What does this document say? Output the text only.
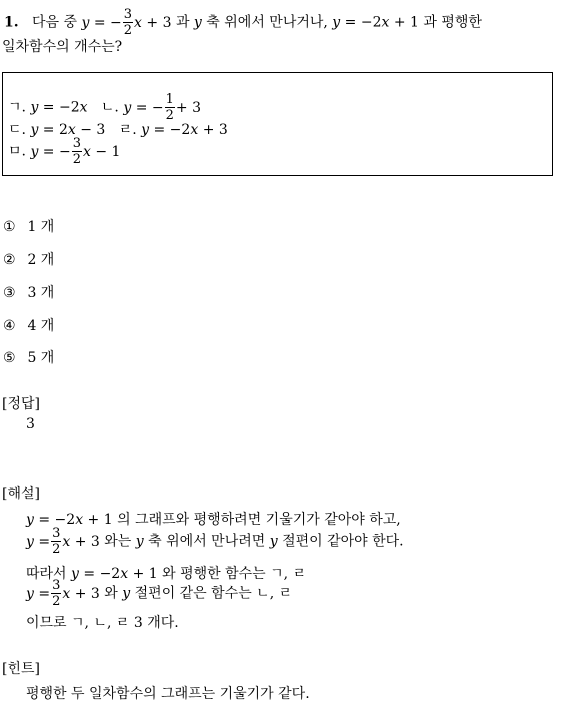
1. 다음 중 y = − $\frac{3}{2}$ x + 3 과 y 축 위에서 만나거나, y = −2x + 1 과 평행한
일차함수의 개수는?
ㄱ. y = −2x ㄴ. y = − $\frac{1}{2} + 3$
ㄷ. y = 2x − 3 ㄹ. y = −2x + 3
ㅁ. y = − $\frac{3}{2}$ x − 1
① 1 개
② 2 개
③ 3 개
④ 4 개
⑤ 5 개
[정답]
3
[해설]
y = −2x + 1 의 그래프와 평행하려면 기울기가 같아야 하고,
$y = \frac{3}{2}$ x + 3 와는 y 축 위에서 만나려면 y 절편이 같아야 한다.
따라서 y = −2x + 1 와 평행한 함수는 ㄱ, ㄹ
$y = \frac{3}{2}$ x + 3 와 y 절편이 같은 함수는 ㄴ, ㄹ
이므로 ㄱ, ㄴ, ㄹ 3 개다.
[힌트]
평행한 두 일차함수의 그래프는 기울기가 같다.
